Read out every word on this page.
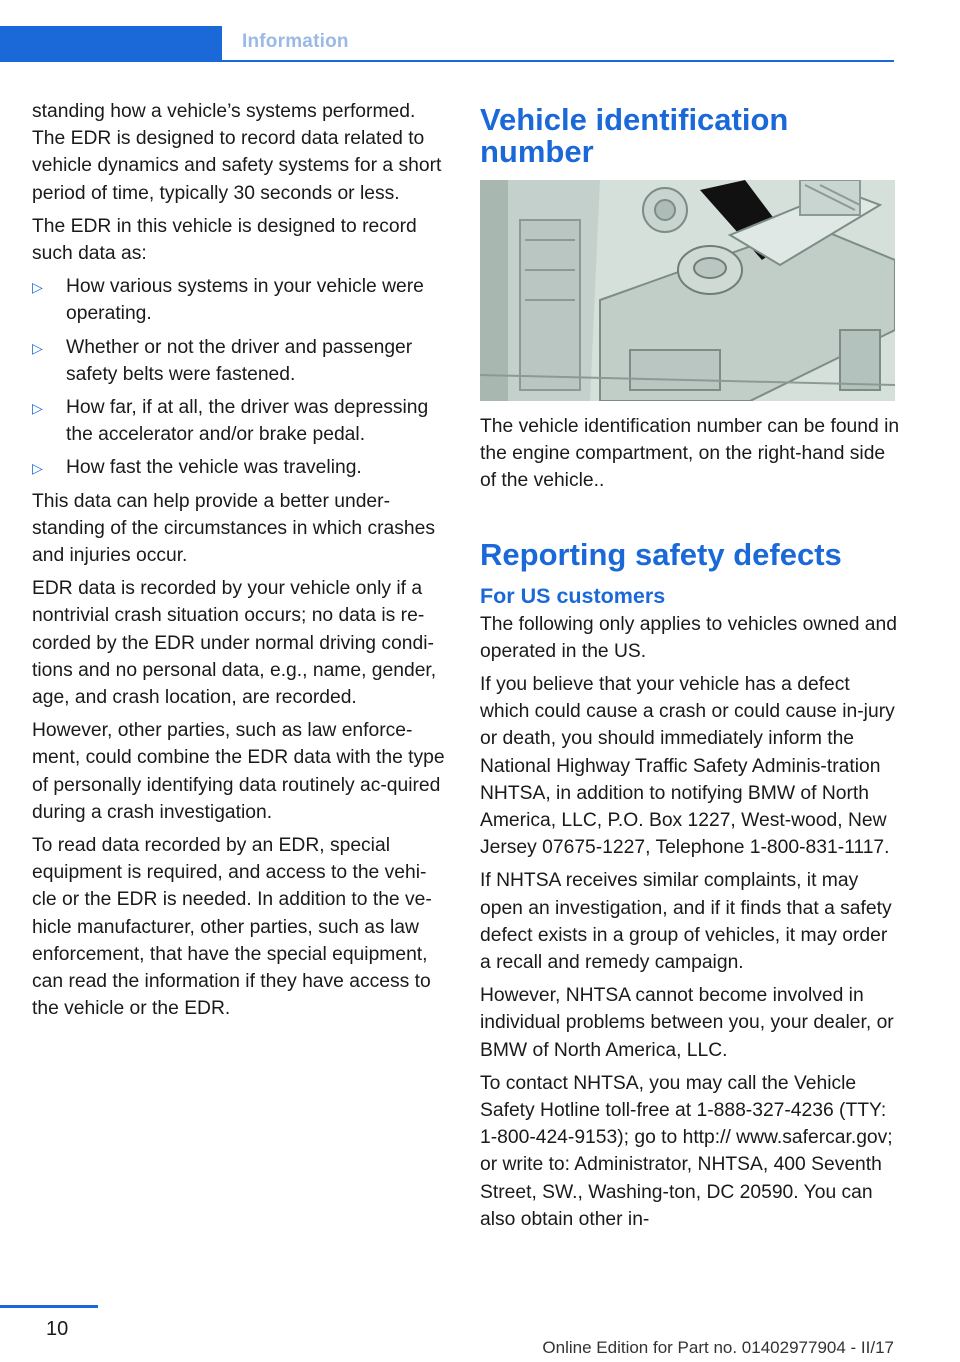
Information

standing how a vehicle’s systems performed. The EDR is designed to record data related to vehicle dynamics and safety systems for a short period of time, typically 30 seconds or less.

The EDR in this vehicle is designed to record such data as:

▷ How various systems in your vehicle were operating.
▷ Whether or not the driver and passenger safety belts were fastened.
▷ How far, if at all, the driver was depressing the accelerator and/or brake pedal.
▷ How fast the vehicle was traveling.

This data can help provide a better under‐standing of the circumstances in which crashes and injuries occur.

EDR data is recorded by your vehicle only if a nontrivial crash situation occurs; no data is re‐corded by the EDR under normal driving condi‐tions and no personal data, e.g., name, gender, age, and crash location, are recorded.

However, other parties, such as law enforce‐ment, could combine the EDR data with the type of personally identifying data routinely ac‐quired during a crash investigation.

To read data recorded by an EDR, special equipment is required, and access to the vehi‐cle or the EDR is needed. In addition to the ve‐hicle manufacturer, other parties, such as law enforcement, that have the special equipment, can read the information if they have access to the vehicle or the EDR.

Vehicle identification number

The vehicle identification number can be found in the engine compartment, on the right-hand side of the vehicle..

Reporting safety defects
For US customers

The following only applies to vehicles owned and operated in the US.

If you believe that your vehicle has a defect which could cause a crash or could cause in‐jury or death, you should immediately inform the National Highway Traffic Safety Adminis‐tration NHTSA, in addition to notifying BMW of North America, LLC, P.O. Box 1227, West‐wood, New Jersey 07675-1227, Telephone 1-800-831-1117.

If NHTSA receives similar complaints, it may open an investigation, and if it finds that a safety defect exists in a group of vehicles, it may order a recall and remedy campaign.

However, NHTSA cannot become involved in individual problems between you, your dealer, or BMW of North America, LLC.

To contact NHTSA, you may call the Vehicle Safety Hotline toll-free at 1-888-327-4236 (TTY: 1-800-424-9153); go to http:// www.safercar.gov; or write to: Administrator, NHTSA, 400 Seventh Street, SW., Washing‐ton, DC 20590. You can also obtain other in‐

10
Online Edition for Part no. 01402977904 - II/17
